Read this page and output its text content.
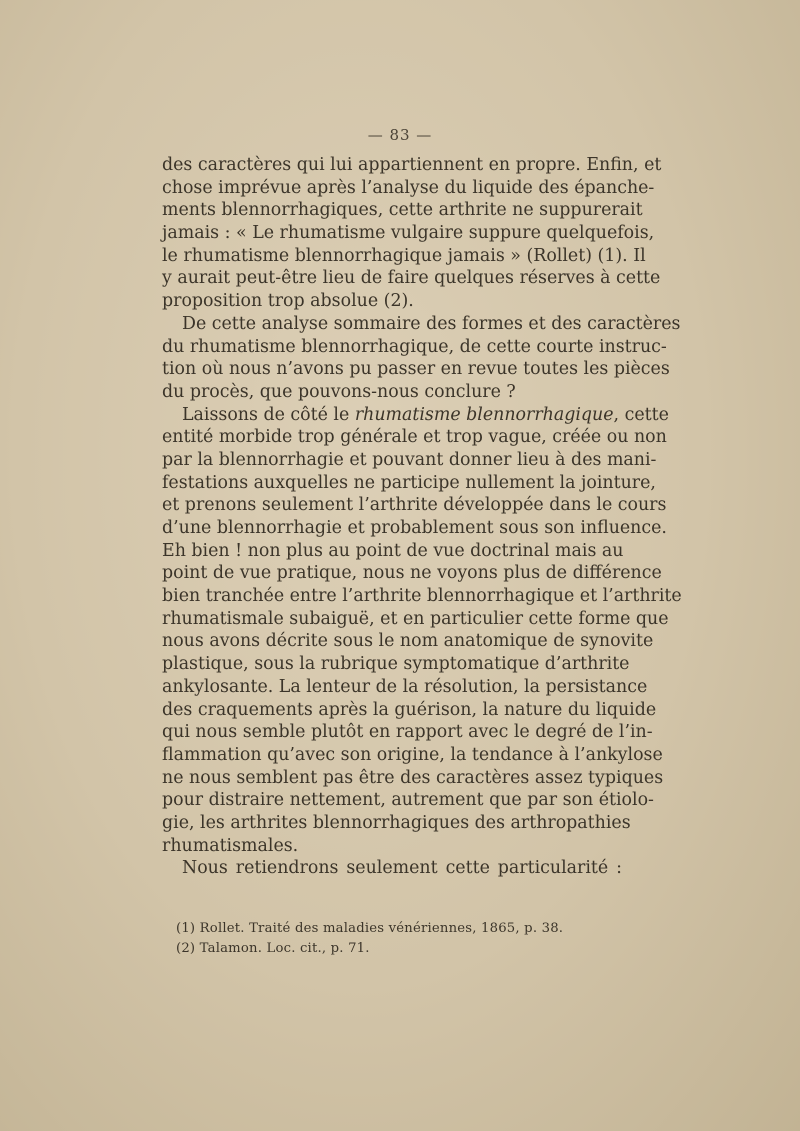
— 83 —
des caractères qui lui appartiennent en propre. Enfin, et
chose imprévue après l’analyse du liquide des épanche-
ments blennorrhagiques, cette arthrite ne suppurerait
jamais : « Le rhumatisme vulgaire suppure quelquefois,
le rhumatisme blennorrhagique jamais » (Rollet) (1). Il
y aurait peut-être lieu de faire quelques réserves à cette
proposition trop absolue (2).
De cette analyse sommaire des formes et des caractères
du rhumatisme blennorrhagique, de cette courte instruc-
tion où nous n’avons pu passer en revue toutes les pièces
du procès, que pouvons-nous conclure ?
Laissons de côté le rhumatisme blennorrhagique, cette
entité morbide trop générale et trop vague, créée ou non
par la blennorrhagie et pouvant donner lieu à des mani-
festations auxquelles ne participe nullement la jointure,
et prenons seulement l’arthrite développée dans le cours
d’une blennorrhagie et probablement sous son influence.
Eh bien ! non plus au point de vue doctrinal mais au
point de vue pratique, nous ne voyons plus de différence
bien tranchée entre l’arthrite blennorrhagique et l’arthrite
rhumatismale subaiguë, et en particulier cette forme que
nous avons décrite sous le nom anatomique de synovite
plastique, sous la rubrique symptomatique d’arthrite
ankylosante. La lenteur de la résolution, la persistance
des craquements après la guérison, la nature du liquide
qui nous semble plutôt en rapport avec le degré de l’in-
flammation qu’avec son origine, la tendance à l’ankylose
ne nous semblent pas être des caractères assez typiques
pour distraire nettement, autrement que par son étiolo-
gie, les arthrites blennorrhagiques des arthropathies
rhumatismales.
Nous retiendrons seulement cette particularité :
(1) Rollet. Traité des maladies vénériennes, 1865, p. 38.
(2) Talamon. Loc. cit., p. 71.
